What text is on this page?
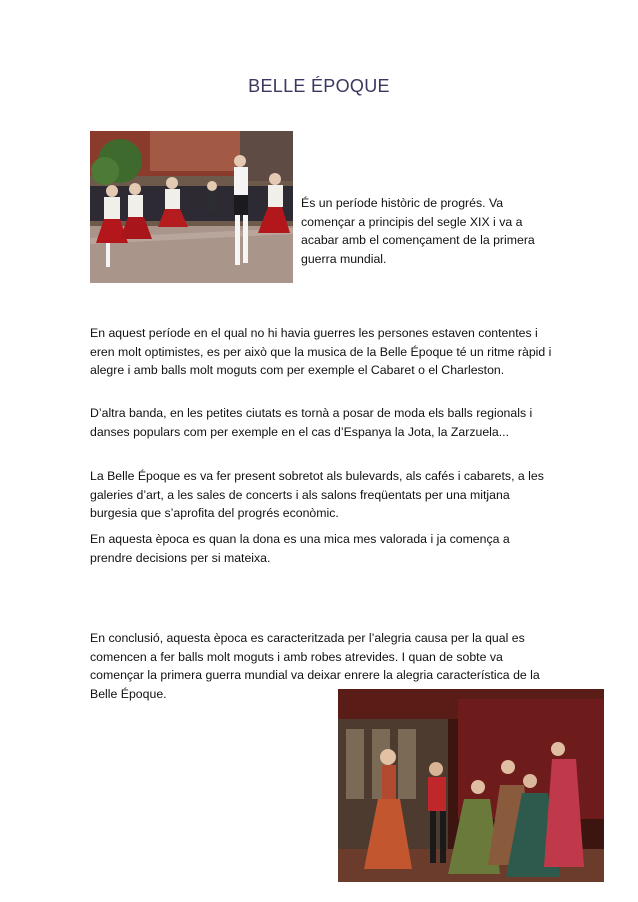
BELLE ÉPOQUE

És un període històric de progrés. Va començar a principis del segle XIX i va a acabar amb el començament de la primera guerra mundial.

En aquest període en el qual no hi havia guerres les persones estaven contentes i eren molt optimistes, es per això que la musica de la Belle Époque té un ritme ràpid i alegre i amb balls molt moguts com per exemple el Cabaret o el Charleston.

D’altra banda, en les petites ciutats es tornà a posar de moda els balls regionals i danses populars com per exemple en el cas d’Espanya la Jota, la Zarzuela...

La Belle Époque es va fer present sobretot als bulevards, als cafés i cabarets, a les galeries d’art, a les sales de concerts i als salons freqüentats per una mitjana burgesia que s’aprofita del progrés econòmic.

En aquesta època es quan la dona es una mica mes valorada i ja comença a prendre decisions per si mateixa.

En conclusió, aquesta època es caracteritzada per l’alegria causa per la qual es comencen a fer balls molt moguts i amb robes atrevides. I quan de sobte va començar la primera guerra mundial va deixar enrere la alegria característica de la Belle Époque.
